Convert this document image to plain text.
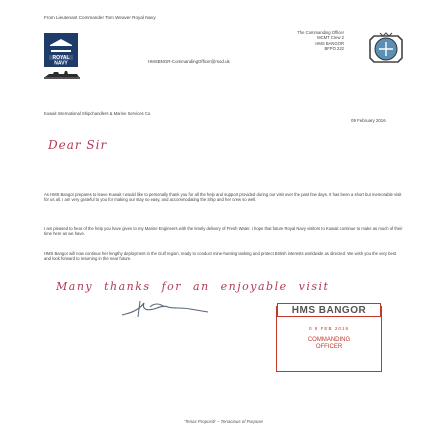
From Lieutenant Commander Tom Weaver Royal Navy
ROYAL
NAVY	HMSBNGR-CommandingOfficer@mod.uk
The Commanding Officer
MCMT Crew 2
HMS BANGOR
BFPO 222
Kuwait International Shipchandlers & Marine Services Co.
09 February 2016
Dear Sir
As HMS Bangor prepares to leave Kuwait I would like to personally thank you for all the help and support provided during our visit over the past few days. It has been a short but memorable visit for us all. I am very grateful to you for making our stay so easy, and accommodating the Ship and her crew so well.
I am pleased to hear of the help you have given to my Marine Engineers with the timely delivery of Fresh Water. I hope that future Royal Navy visitors to Kuwait continue to make as much of their time here as we have.
HMS Bangor will now continue her lengthy deployment in the Gulf region, ready to conduct mine-hunting tasking and protect British interests worldwide as directed. We wish you the very best and look forward to returning in the near future.
Many thanks for an enjoyable visit
HMS BANGOR
0 9 FEB 2016
COMMANDING OFFICER
'Tenax Propositi' – Tenacious of Purpose
